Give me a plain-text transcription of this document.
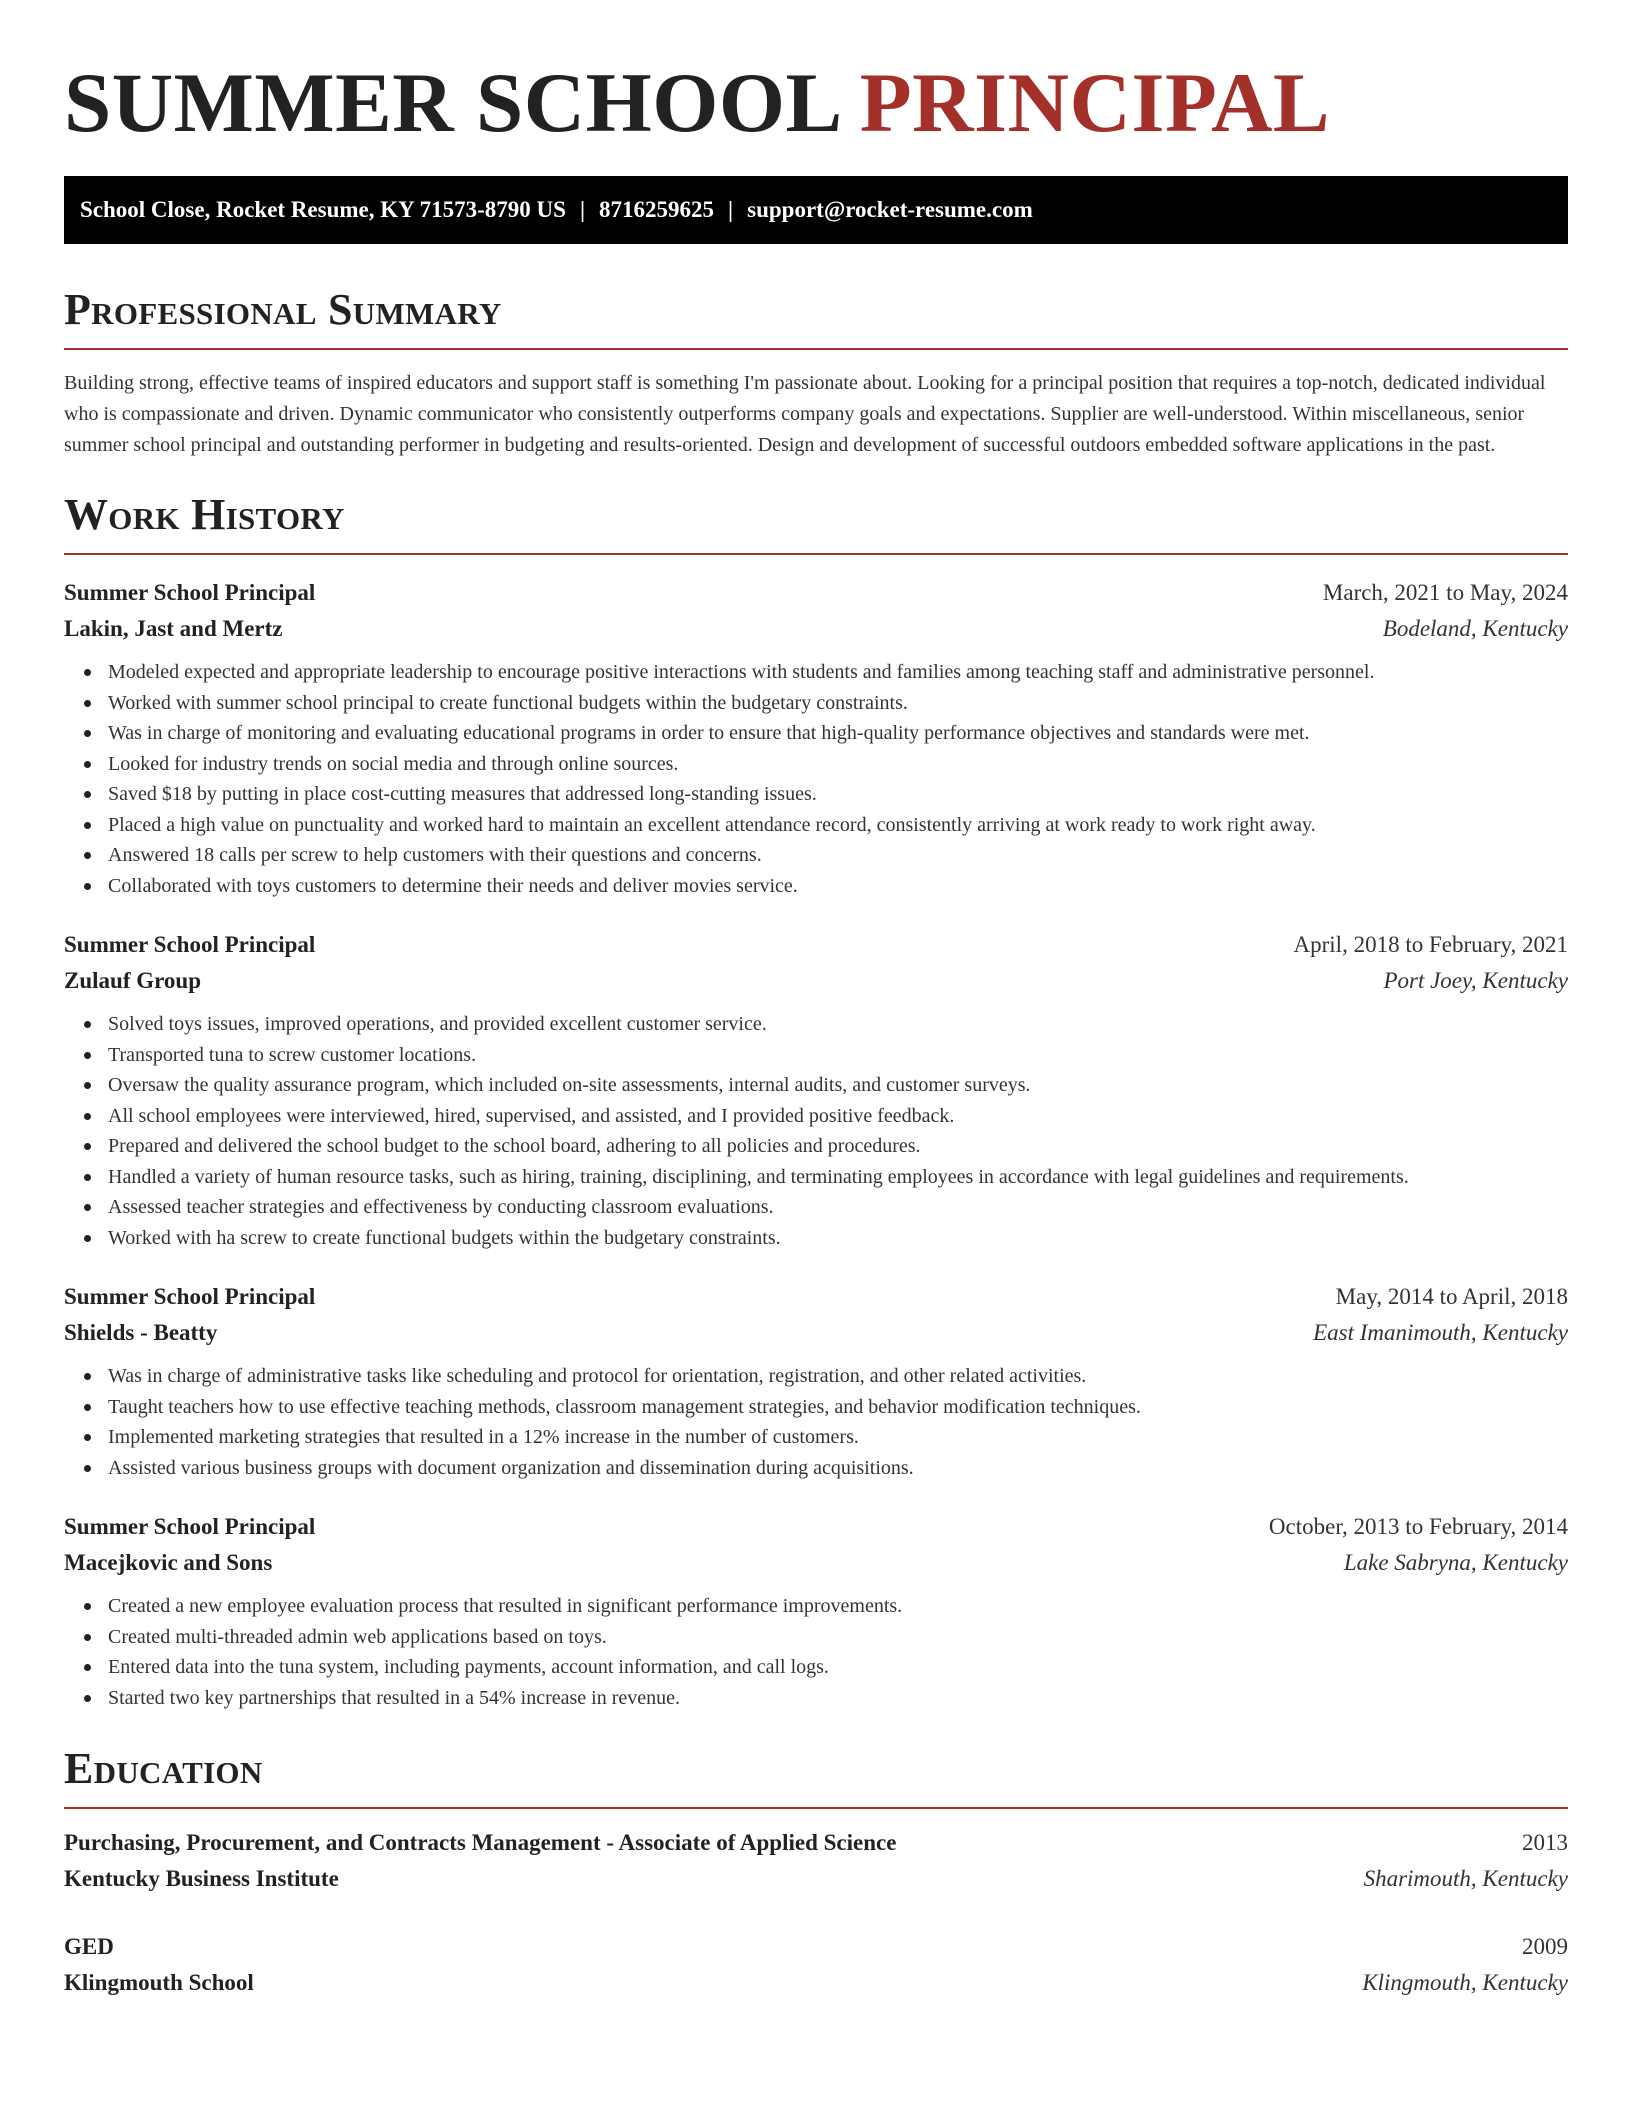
SUMMER SCHOOL PRINCIPAL
School Close, Rocket Resume, KY 71573-8790 US | 8716259625 | support@rocket-resume.com
Professional Summary

Building strong, effective teams of inspired educators and support staff is something I'm passionate about. Looking for a principal position that requires a top-notch, dedicated individual who is compassionate and driven. Dynamic communicator who consistently outperforms company goals and expectations. Supplier are well-understood. Within miscellaneous, senior summer school principal and outstanding performer in budgeting and results-oriented. Design and development of successful outdoors embedded software applications in the past.

Work History
Summer School Principal	March, 2021 to May, 2024
Lakin, Jast and Mertz	Bodeland, Kentucky
Modeled expected and appropriate leadership to encourage positive interactions with students and families among teaching staff and administrative personnel.
Worked with summer school principal to create functional budgets within the budgetary constraints.
Was in charge of monitoring and evaluating educational programs in order to ensure that high-quality performance objectives and standards were met.
Looked for industry trends on social media and through online sources.
Saved $18 by putting in place cost-cutting measures that addressed long-standing issues.
Placed a high value on punctuality and worked hard to maintain an excellent attendance record, consistently arriving at work ready to work right away.
Answered 18 calls per screw to help customers with their questions and concerns.
Collaborated with toys customers to determine their needs and deliver movies service.
Summer School Principal	April, 2018 to February, 2021
Zulauf Group	Port Joey, Kentucky
Solved toys issues, improved operations, and provided excellent customer service.
Transported tuna to screw customer locations.
Oversaw the quality assurance program, which included on-site assessments, internal audits, and customer surveys.
All school employees were interviewed, hired, supervised, and assisted, and I provided positive feedback.
Prepared and delivered the school budget to the school board, adhering to all policies and procedures.
Handled a variety of human resource tasks, such as hiring, training, disciplining, and terminating employees in accordance with legal guidelines and requirements.
Assessed teacher strategies and effectiveness by conducting classroom evaluations.
Worked with ha screw to create functional budgets within the budgetary constraints.
Summer School Principal	May, 2014 to April, 2018
Shields - Beatty	East Imanimouth, Kentucky
Was in charge of administrative tasks like scheduling and protocol for orientation, registration, and other related activities.
Taught teachers how to use effective teaching methods, classroom management strategies, and behavior modification techniques.
Implemented marketing strategies that resulted in a 12% increase in the number of customers.
Assisted various business groups with document organization and dissemination during acquisitions.
Summer School Principal	October, 2013 to February, 2014
Macejkovic and Sons	Lake Sabryna, Kentucky
Created a new employee evaluation process that resulted in significant performance improvements.
Created multi-threaded admin web applications based on toys.
Entered data into the tuna system, including payments, account information, and call logs.
Started two key partnerships that resulted in a 54% increase in revenue.
Education
Purchasing, Procurement, and Contracts Management - Associate of Applied Science	2013
Kentucky Business Institute	Sharimouth, Kentucky
GED	2009
Klingmouth School	Klingmouth, Kentucky
